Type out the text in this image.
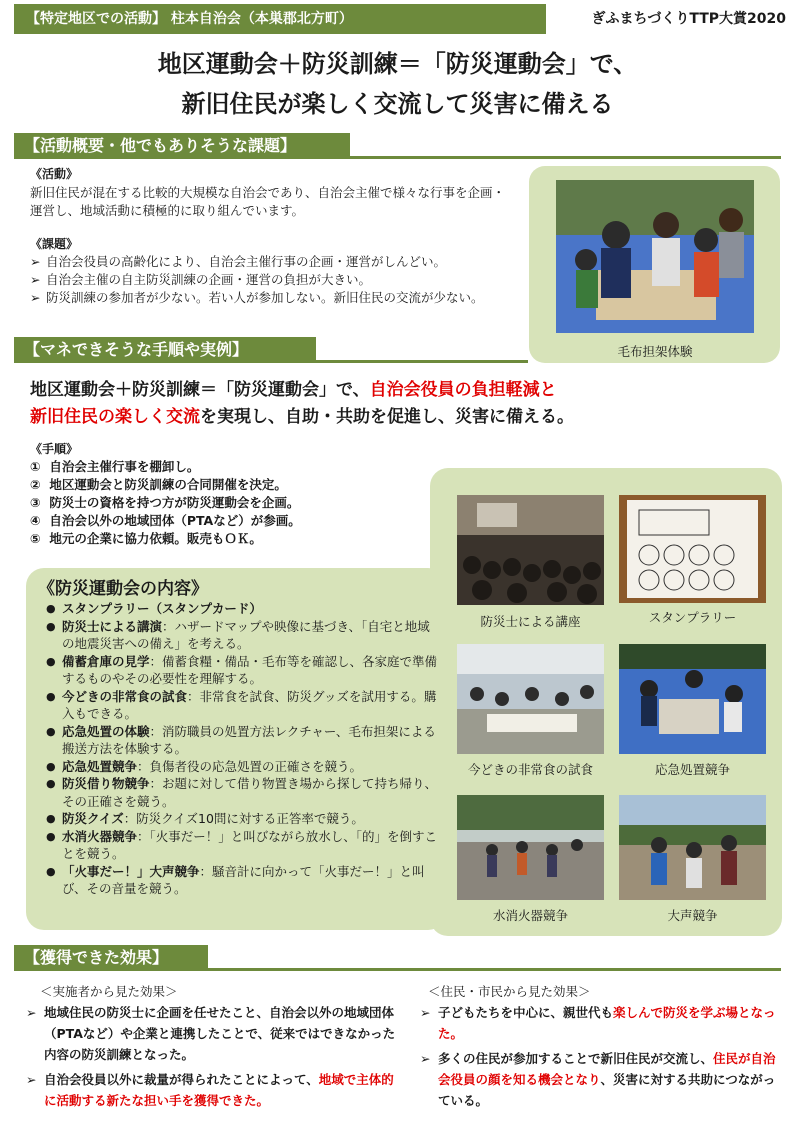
【特定地区での活動】 柱本自治会（本巣郡北方町）	ぎふまちづくりTTP大賞2020
地区運動会＋防災訓練＝「防災運動会」で、
新旧住民が楽しく交流して災害に備える
【活動概要・他でもありそうな課題】
《活動》
新旧住民が混在する比較的大規模な自治会であり、自治会主催で様々な行事を企画・運営し、地域活動に積極的に取り組んでいます。
《課題》
➢ 自治会役員の高齢化により、自治会主催行事の企画・運営がしんどい。
➢ 自治会主催の自主防災訓練の企画・運営の負担が大きい。
➢ 防災訓練の参加者が少ない。若い人が参加しない。新旧住民の交流が少ない。
毛布担架体験
【マネできそうな手順や実例】
地区運動会＋防災訓練＝「防災運動会」で、自治会役員の負担軽減と
新旧住民の楽しく交流を実現し、自助・共助を促進し、災害に備える。
《手順》
① 自治会主催行事を棚卸し。
② 地区運動会と防災訓練の合同開催を決定。
③ 防災士の資格を持つ方が防災運動会を企画。
④ 自治会以外の地域団体（PTAなど）が参画。
⑤ 地元の企業に協力依頼。販売もＯＫ。
《防災運動会の内容》
● スタンプラリー（スタンプカード）
● 防災士による講演：ハザードマップや映像に基づき、「自宅と地域の地震災害への備え」を考える。
● 備蓄倉庫の見学：備蓄食糧・備品・毛布等を確認し、各家庭で準備するものやその必要性を理解する。
● 今どきの非常食の試食：非常食を試食、防災グッズを試用する。購入もできる。
● 応急処置の体験：消防職員の処置方法レクチャー、毛布担架による搬送方法を体験する。
● 応急処置競争：負傷者役の応急処置の正確さを競う。
● 防災借り物競争：お題に対して借り物置き場から探して持ち帰り、その正確さを競う。
● 防災クイズ：防災クイズ10問に対する正答率で競う。
● 水消火器競争：「火事だー！」と叫びながら放水し、「的」を倒すことを競う。
● 「火事だー！」大声競争：騒音計に向かって「火事だー！」と叫び、その音量を競う。
防災士による講座	スタンプラリー
今どきの非常食の試食	応急処置競争
水消火器競争	大声競争
【獲得できた効果】
＜実施者から見た効果＞
➢ 地域住民の防災士に企画を任せたこと、自治会以外の地域団体（PTAなど）や企業と連携したことで、従来ではできなかった内容の防災訓練となった。
➢ 自治会役員以外に裁量が得られたことによって、地域で主体的に活動する新たな担い手を獲得できた。
＜住民・市民から見た効果＞
➢ 子どもたちを中心に、親世代も楽しんで防災を学ぶ場となった。
➢ 多くの住民が参加することで新旧住民が交流し、住民が自治会役員の顔を知る機会となり、災害に対する共助につながっている。
